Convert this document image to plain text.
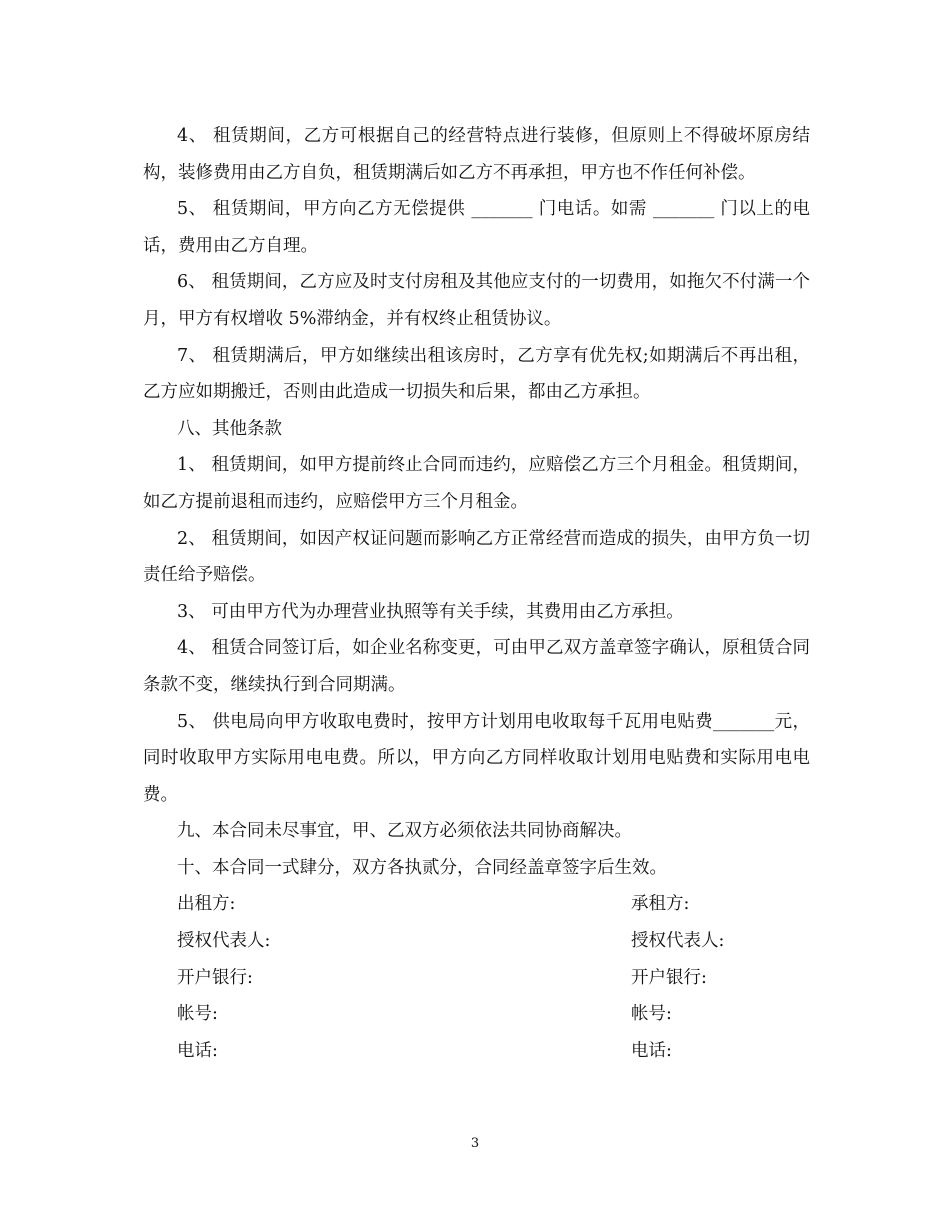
4、 租赁期间，乙方可根据自己的经营特点进行装修，但原则上不得破坏原房结构，装修费用由乙方自负，租赁期满后如乙方不再承担，甲方也不作任何补偿。

5、 租赁期间，甲方向乙方无偿提供 _______ 门电话。如需 _______ 门以上的电话，费用由乙方自理。

6、 租赁期间，乙方应及时支付房租及其他应支付的一切费用，如拖欠不付满一个月，甲方有权增收 5%滞纳金，并有权终止租赁协议。

7、 租赁期满后，甲方如继续出租该房时，乙方享有优先权;如期满后不再出租，乙方应如期搬迁，否则由此造成一切损失和后果，都由乙方承担。

八、其他条款

1、 租赁期间，如甲方提前终止合同而违约，应赔偿乙方三个月租金。租赁期间，如乙方提前退租而违约，应赔偿甲方三个月租金。

2、 租赁期间，如因产权证问题而影响乙方正常经营而造成的损失，由甲方负一切责任给予赔偿。

3、 可由甲方代为办理营业执照等有关手续，其费用由乙方承担。

4、 租赁合同签订后，如企业名称变更，可由甲乙双方盖章签字确认，原租赁合同条款不变，继续执行到合同期满。

5、 供电局向甲方收取电费时，按甲方计划用电收取每千瓦用电贴费_______元，同时收取甲方实际用电电费。所以，甲方向乙方同样收取计划用电贴费和实际用电电费。

九、本合同未尽事宜，甲、乙双方必须依法共同协商解决。

十、本合同一式肆分，双方各执贰分，合同经盖章签字后生效。

出租方:	承租方:
授权代表人:	授权代表人:
开户银行:	开户银行:
帐号:	帐号:
电话:	电话:
3
